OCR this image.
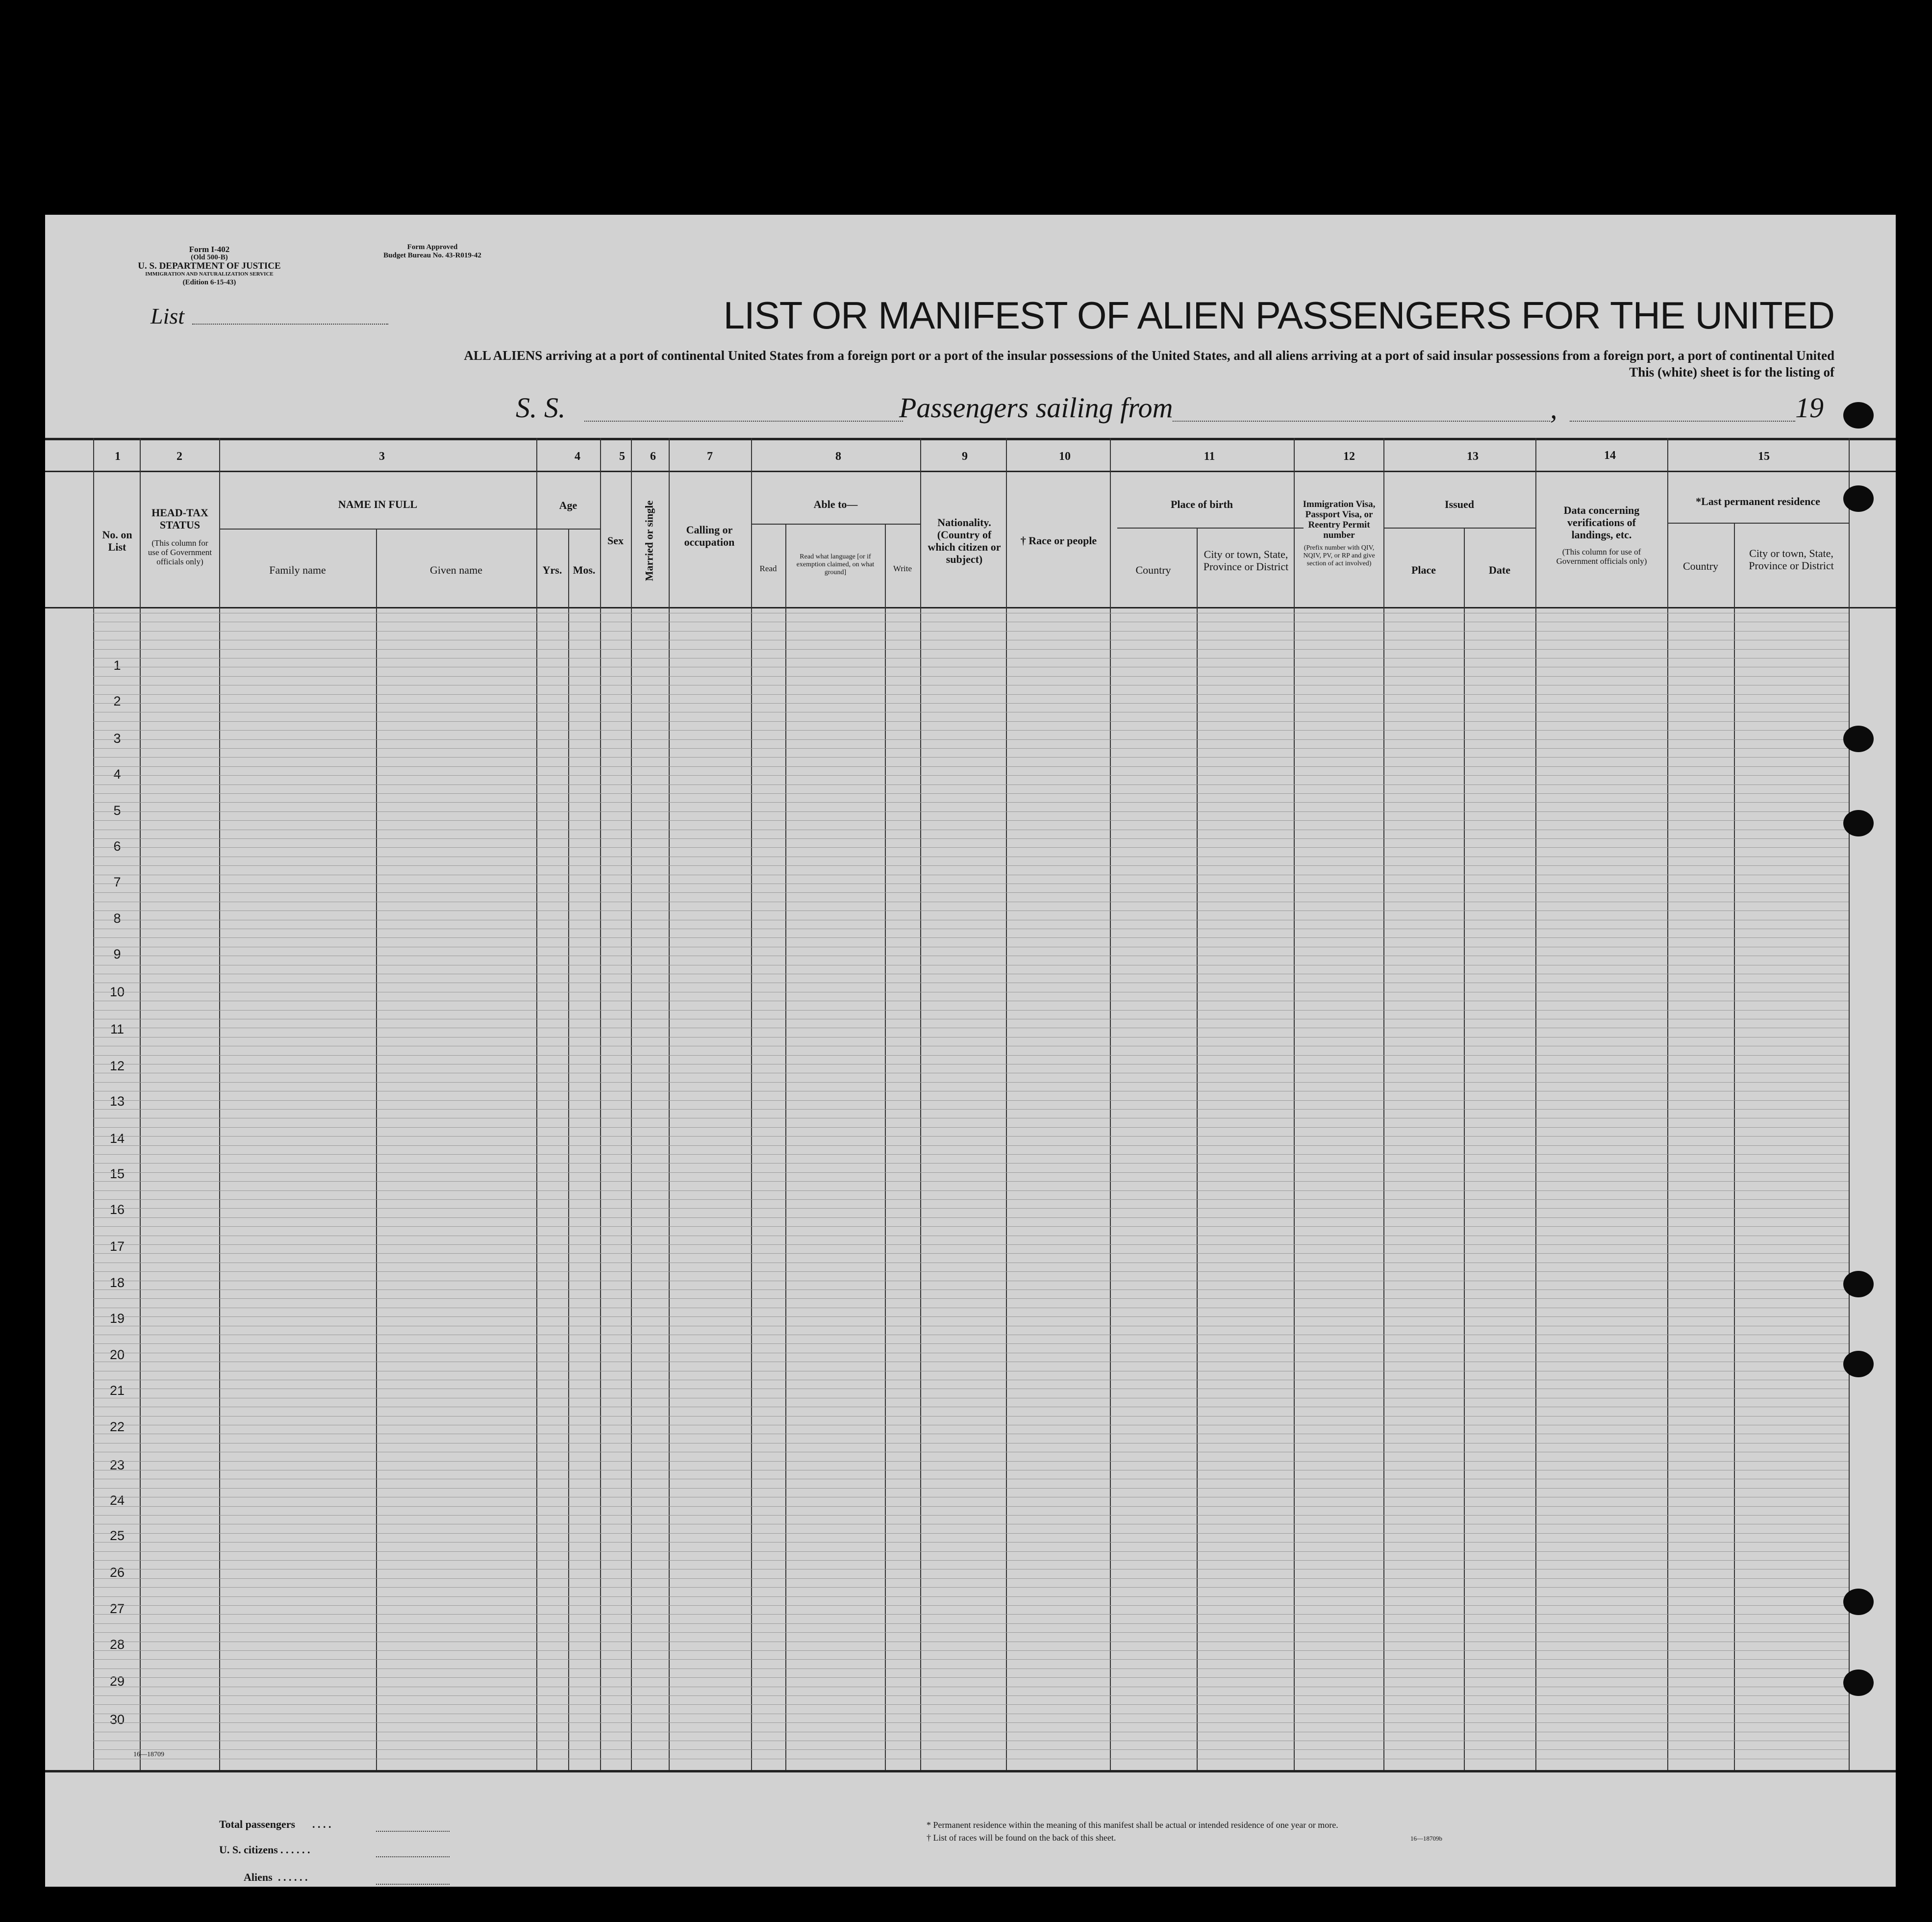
Form I-402
(Old 500-B)
U. S. DEPARTMENT OF JUSTICE
IMMIGRATION AND NATURALIZATION SERVICE
(Edition 6-15-43)
Form Approved
Budget Bureau No. 43-R019-42
List	LIST OR MANIFEST OF ALIEN PASSENGERS FOR THE UNITED
ALL ALIENS arriving at a port of continental United States from a foreign port or a port of the insular possessions of the United States, and all aliens arriving at a port of said insular possessions from a foreign port, a port of continental United
This (white) sheet is for the listing of
S. S.	Passengers sailing from	,	19
1	2	3	4	5	6	7	8	9	10	11	12	13	14	15
No. on List
HEAD-TAX STATUS
(This column for use of Government officials only)
NAME IN FULL
Family name	Given name
Age
Yrs.	Mos.
Sex	Married or single	Calling or occupation
Able to—
Read
Read what language [or if exemption claimed, on what ground]	Write
Nationality. (Country of which citizen or subject)
† Race or people
Place of birth
Country
City or town, State, Province or District
Immigration Visa, Passport Visa, or Reentry Permit number
(Prefix number with QIV, NQIV, PV, or RP and give section of act involved)
Issued
Place	Date
Data concerning verifications of landings, etc.
(This column for use of Government officials only)
*Last permanent residence
Country
City or town, State, Province or District
1
2
3
4
5
6
7
8
9
10
11
12
13
14
15
16
17
18
19
20
21
22
23
24
25
26
27
28
29
30
16—18709
Total passengers . . . .
U. S. citizens . . . . . .
Aliens . . . . . .
* Permanent residence within the meaning of this manifest shall be actual or intended residence of one year or more.
† List of races will be found on the back of this sheet.	16—18709b
